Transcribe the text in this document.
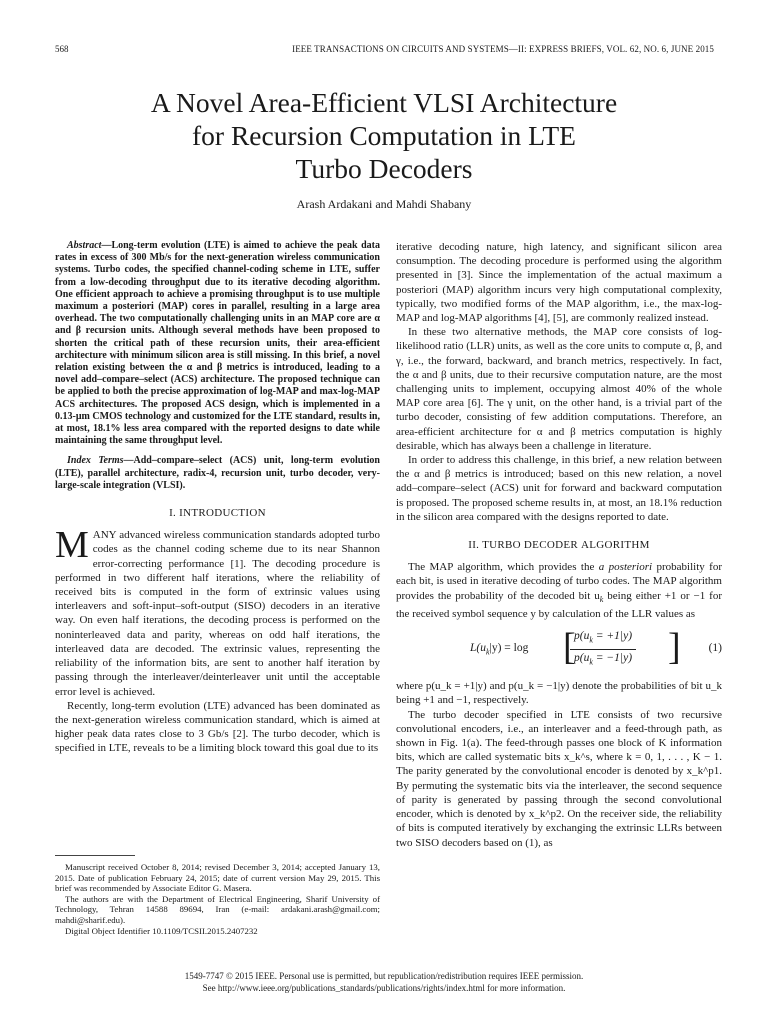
568	IEEE TRANSACTIONS ON CIRCUITS AND SYSTEMS—II: EXPRESS BRIEFS, VOL. 62, NO. 6, JUNE 2015
A Novel Area-Efficient VLSI Architecture
for Recursion Computation in LTE
Turbo Decoders
Arash Ardakani and Mahdi Shabany

Abstract—Long-term evolution (LTE) is aimed to achieve the peak data rates in excess of 300 Mb/s for the next-generation wireless communication systems. Turbo codes, the specified channel-coding scheme in LTE, suffer from a low-decoding throughput due to its iterative decoding algorithm. One efficient approach to achieve a promising throughput is to use multiple maximum a posteriori (MAP) cores in parallel, resulting in a large area overhead. The two computationally challenging units in an MAP core are α and β recursion units. Although several methods have been proposed to shorten the critical path of these recursion units, their area-efficient architecture with minimum silicon area is still missing. In this brief, a novel relation existing between the α and β metrics is introduced, leading to a novel add–compare–select (ACS) architecture. The proposed technique can be applied to both the precise approximation of log-MAP and max-log-MAP ACS architectures. The proposed ACS design, which is implemented in a 0.13-μm CMOS technology and customized for the LTE standard, results in, at most, 18.1% less area compared with the reported designs to date while maintaining the same throughput level.

Index Terms—Add–compare–select (ACS) unit, long-term evolution (LTE), parallel architecture, radix-4, recursion unit, turbo decoder, very-large-scale integration (VLSI).

I. INTRODUCTION

MANY advanced wireless communication standards adopted turbo codes as the channel coding scheme due to its near Shannon error-correcting performance [1]. The decoding procedure is performed in two different half iterations, where the reliability of received bits is computed in the form of extrinsic values using interleavers and soft-input–soft-output (SISO) decoders in an iterative way. On even half iterations, the decoding process is performed on the noninterleaved data and parity, whereas on odd half iterations, the interleaved data are decoded. The extrinsic values, representing the reliability of the information bits, are sent to another half iteration by passing through the interleaver/deinterleaver unit until the acceptable error level is achieved.

Recently, long-term evolution (LTE) advanced has been dominated as the next-generation wireless communication standard, which is aimed at higher peak data rates close to 3 Gb/s [2]. The turbo decoder, which is specified in LTE, reveals to be a limiting block toward this goal due to its

Manuscript received October 8, 2014; revised December 3, 2014; accepted January 13, 2015. Date of publication February 24, 2015; date of current version May 29, 2015. This brief was recommended by Associate Editor G. Masera.

The authors are with the Department of Electrical Engineering, Sharif University of Technology, Tehran 14588 89694, Iran (e-mail: ardakani.arash@gmail.com; mahdi@sharif.edu).

Digital Object Identifier 10.1109/TCSII.2015.2407232

iterative decoding nature, high latency, and significant silicon area consumption. The decoding procedure is performed using the algorithm presented in [3]. Since the implementation of the actual maximum a posteriori (MAP) algorithm incurs very high computational complexity, typically, two modified forms of the MAP algorithm, i.e., the max-log-MAP and log-MAP algorithms [4], [5], are commonly realized instead.

In these two alternative methods, the MAP core consists of log-likelihood ratio (LLR) units, as well as the core units to compute α, β, and γ, i.e., the forward, backward, and branch metrics, respectively. In fact, the α and β units, due to their recursive computation nature, are the most challenging units to implement, occupying almost 40% of the whole MAP core area [6]. The γ unit, on the other hand, is a trivial part of the turbo decoder, consisting of few addition computations. Therefore, an area-efficient architecture for α and β metrics computation is highly desirable, which has always been a challenge in literature.

In order to address this challenge, in this brief, a new relation between the α and β metrics is introduced; based on this new relation, a novel add–compare–select (ACS) unit for forward and backward computation is proposed. The proposed scheme results in, at most, an 18.1% reduction in the silicon area compared with the designs reported to date.

II. TURBO DECODER ALGORITHM

The MAP algorithm, which provides the a posteriori probability for each bit, is used in iterative decoding of turbo codes. The MAP algorithm provides the probability of the decoded bit $u_k$ being either +1 or −1 for the received symbol sequence y by calculation of the LLR values as

$L(u_k|y) = \log$ [
$\frac{p(u_k = +1|y)}{p(u_k = -1|y)}$ ] (1)

where p(u_k = +1|y) and p(u_k = −1|y) denote the probabilities of bit u_k being +1 and −1, respectively.

The turbo decoder specified in LTE consists of two recursive convolutional encoders, i.e., an interleaver and a feed-through path, as shown in Fig. 1(a). The feed-through passes one block of K information bits, which are called systematic bits x_k^s, where k = 0, 1, . . . , K − 1. The parity generated by the convolutional encoder is denoted by x_k^p1. By permuting the systematic bits via the interleaver, the second sequence of parity is generated by passing through the second convolutional encoder, which is denoted by x_k^p2. On the receiver side, the reliability of bits is computed iteratively by exchanging the extrinsic LLRs between two SISO decoders based on (1), as

1549-7747 © 2015 IEEE. Personal use is permitted, but republication/redistribution requires IEEE permission.
See http://www.ieee.org/publications_standards/publications/rights/index.html for more information.
